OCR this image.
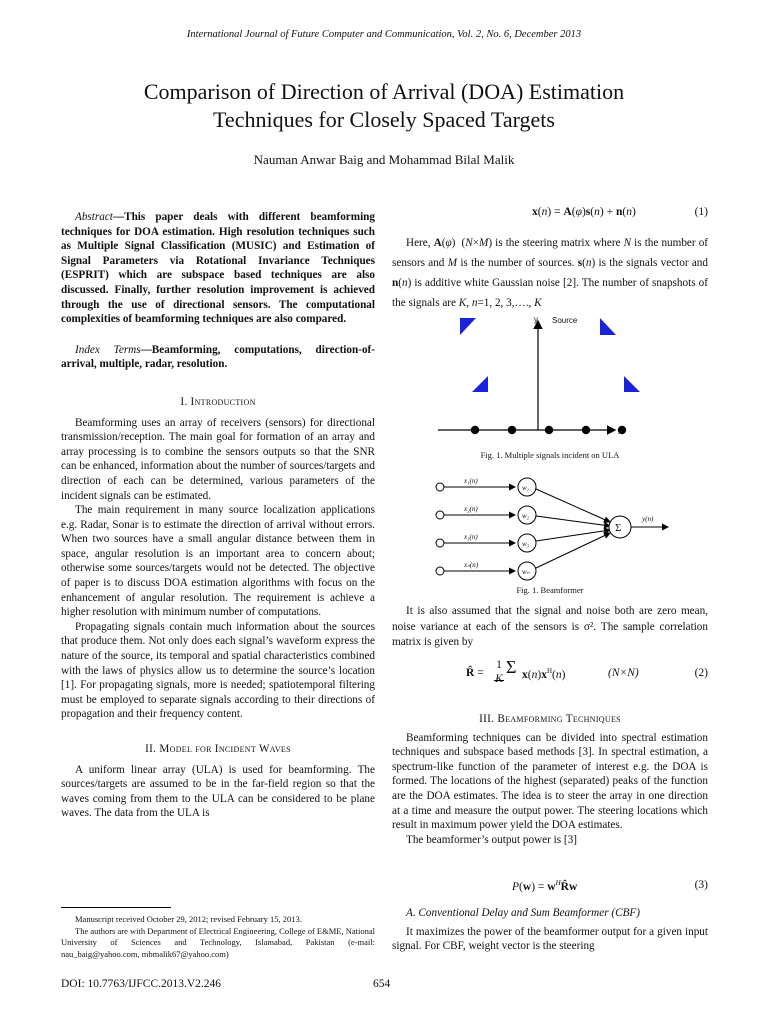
International Journal of Future Computer and Communication, Vol. 2, No. 6, December 2013
Comparison of Direction of Arrival (DOA) Estimation
Techniques for Closely Spaced Targets
Nauman Anwar Baig and Mohammad Bilal Malik

Abstract—This paper deals with different beamforming techniques for DOA estimation. High resolution techniques such as Multiple Signal Classification (MUSIC) and Estimation of Signal Parameters via Rotational Invariance Techniques (ESPRIT) which are subspace based techniques are also discussed. Finally, further resolution improvement is achieved through the use of directional sensors. The computational complexities of beamforming techniques are also compared.

Index Terms—Beamforming, computations, direction-of-arrival, multiple, radar, resolution.

I. Introduction

Beamforming uses an array of receivers (sensors) for directional transmission/reception. The main goal for formation of an array and array processing is to combine the sensors outputs so that the SNR can be enhanced, information about the number of sources/targets and direction of each can be determined, various parameters of the incident signals can be estimated.

The main requirement in many source localization applications e.g. Radar, Sonar is to estimate the direction of arrival without errors. When two sources have a small angular distance between them in space, angular resolution is an important area to concern about; otherwise some sources/targets would not be detected. The objective of paper is to discuss DOA estimation algorithms with focus on the enhancement of angular resolution. The requirement is achieve a higher resolution with minimum number of computations.

Propagating signals contain much information about the sources that produce them. Not only does each signal’s waveform express the nature of the source, its temporal and spatial characteristics combined with the laws of physics allow us to determine the source’s location [1]. For propagating signals, more is needed; spatiotemporal filtering must be employed to separate signals according to their directions of propagation and their frequency content.

II. Model for Incident Waves

A uniform linear array (ULA) is used for beamforming. The sources/targets are assumed to be in the far-field region so that the waves coming from them to the ULA can be considered to be plane waves. The data from the ULA is

Manuscript received October 29, 2012; revised February 15, 2013.
The authors are with Department of Electrical Engineering, College of E&ME, National University of Sciences and Technology, Islamabad, Pakistan (e-mail: nau_baig@yahoo.com, mbmalik67@yahoo.com)
DOI: 10.7763/IJFCC.2013.V2.246	654
x(n) = A(φ)s(n) + n(n)	(1)

Here, A(φ)  (N×M) is the steering matrix where N is the number of sensors and M is the number of sources. s(n) is the signals vector and n(n) is additive white Gaussian noise [2]. The number of snapshots of the signals are K, n=1, 2, 3,…., K

y Source
Fig. 1. Multiple signals incident on ULA
x₁(n)
w₁
x₂(n)
w₂
x₃(n)
w₃
xₙ(n)
wₙ
Σ
y(n)
Fig. 1. Beamformer

It is also assumed that the signal and noise both are zero mean, noise variance at each of the sensors is σ². The sample correlation matrix is given by

R̂ =
1

K
Σ $x(n)x^H(n)$	(N×N)	(2)
III. Beamforming Techniques

Beamforming techniques can be divided into spectral estimation techniques and subspace based methods [3]. In spectral estimation, a spectrum-like function of the parameter of interest e.g. the DOA is formed. The locations of the highest (separated) peaks of the function are the DOA estimates. The idea is to steer the array in one direction at a time and measure the output power. The steering locations which result in maximum power yield the DOA estimates.

The beamformer’s output power is [3]

$P(w) = w^HR̂w$	(3)

A. Conventional Delay and Sum Beamformer (CBF)

It maximizes the power of the beamformer output for a given input signal. For CBF, weight vector is the steering
